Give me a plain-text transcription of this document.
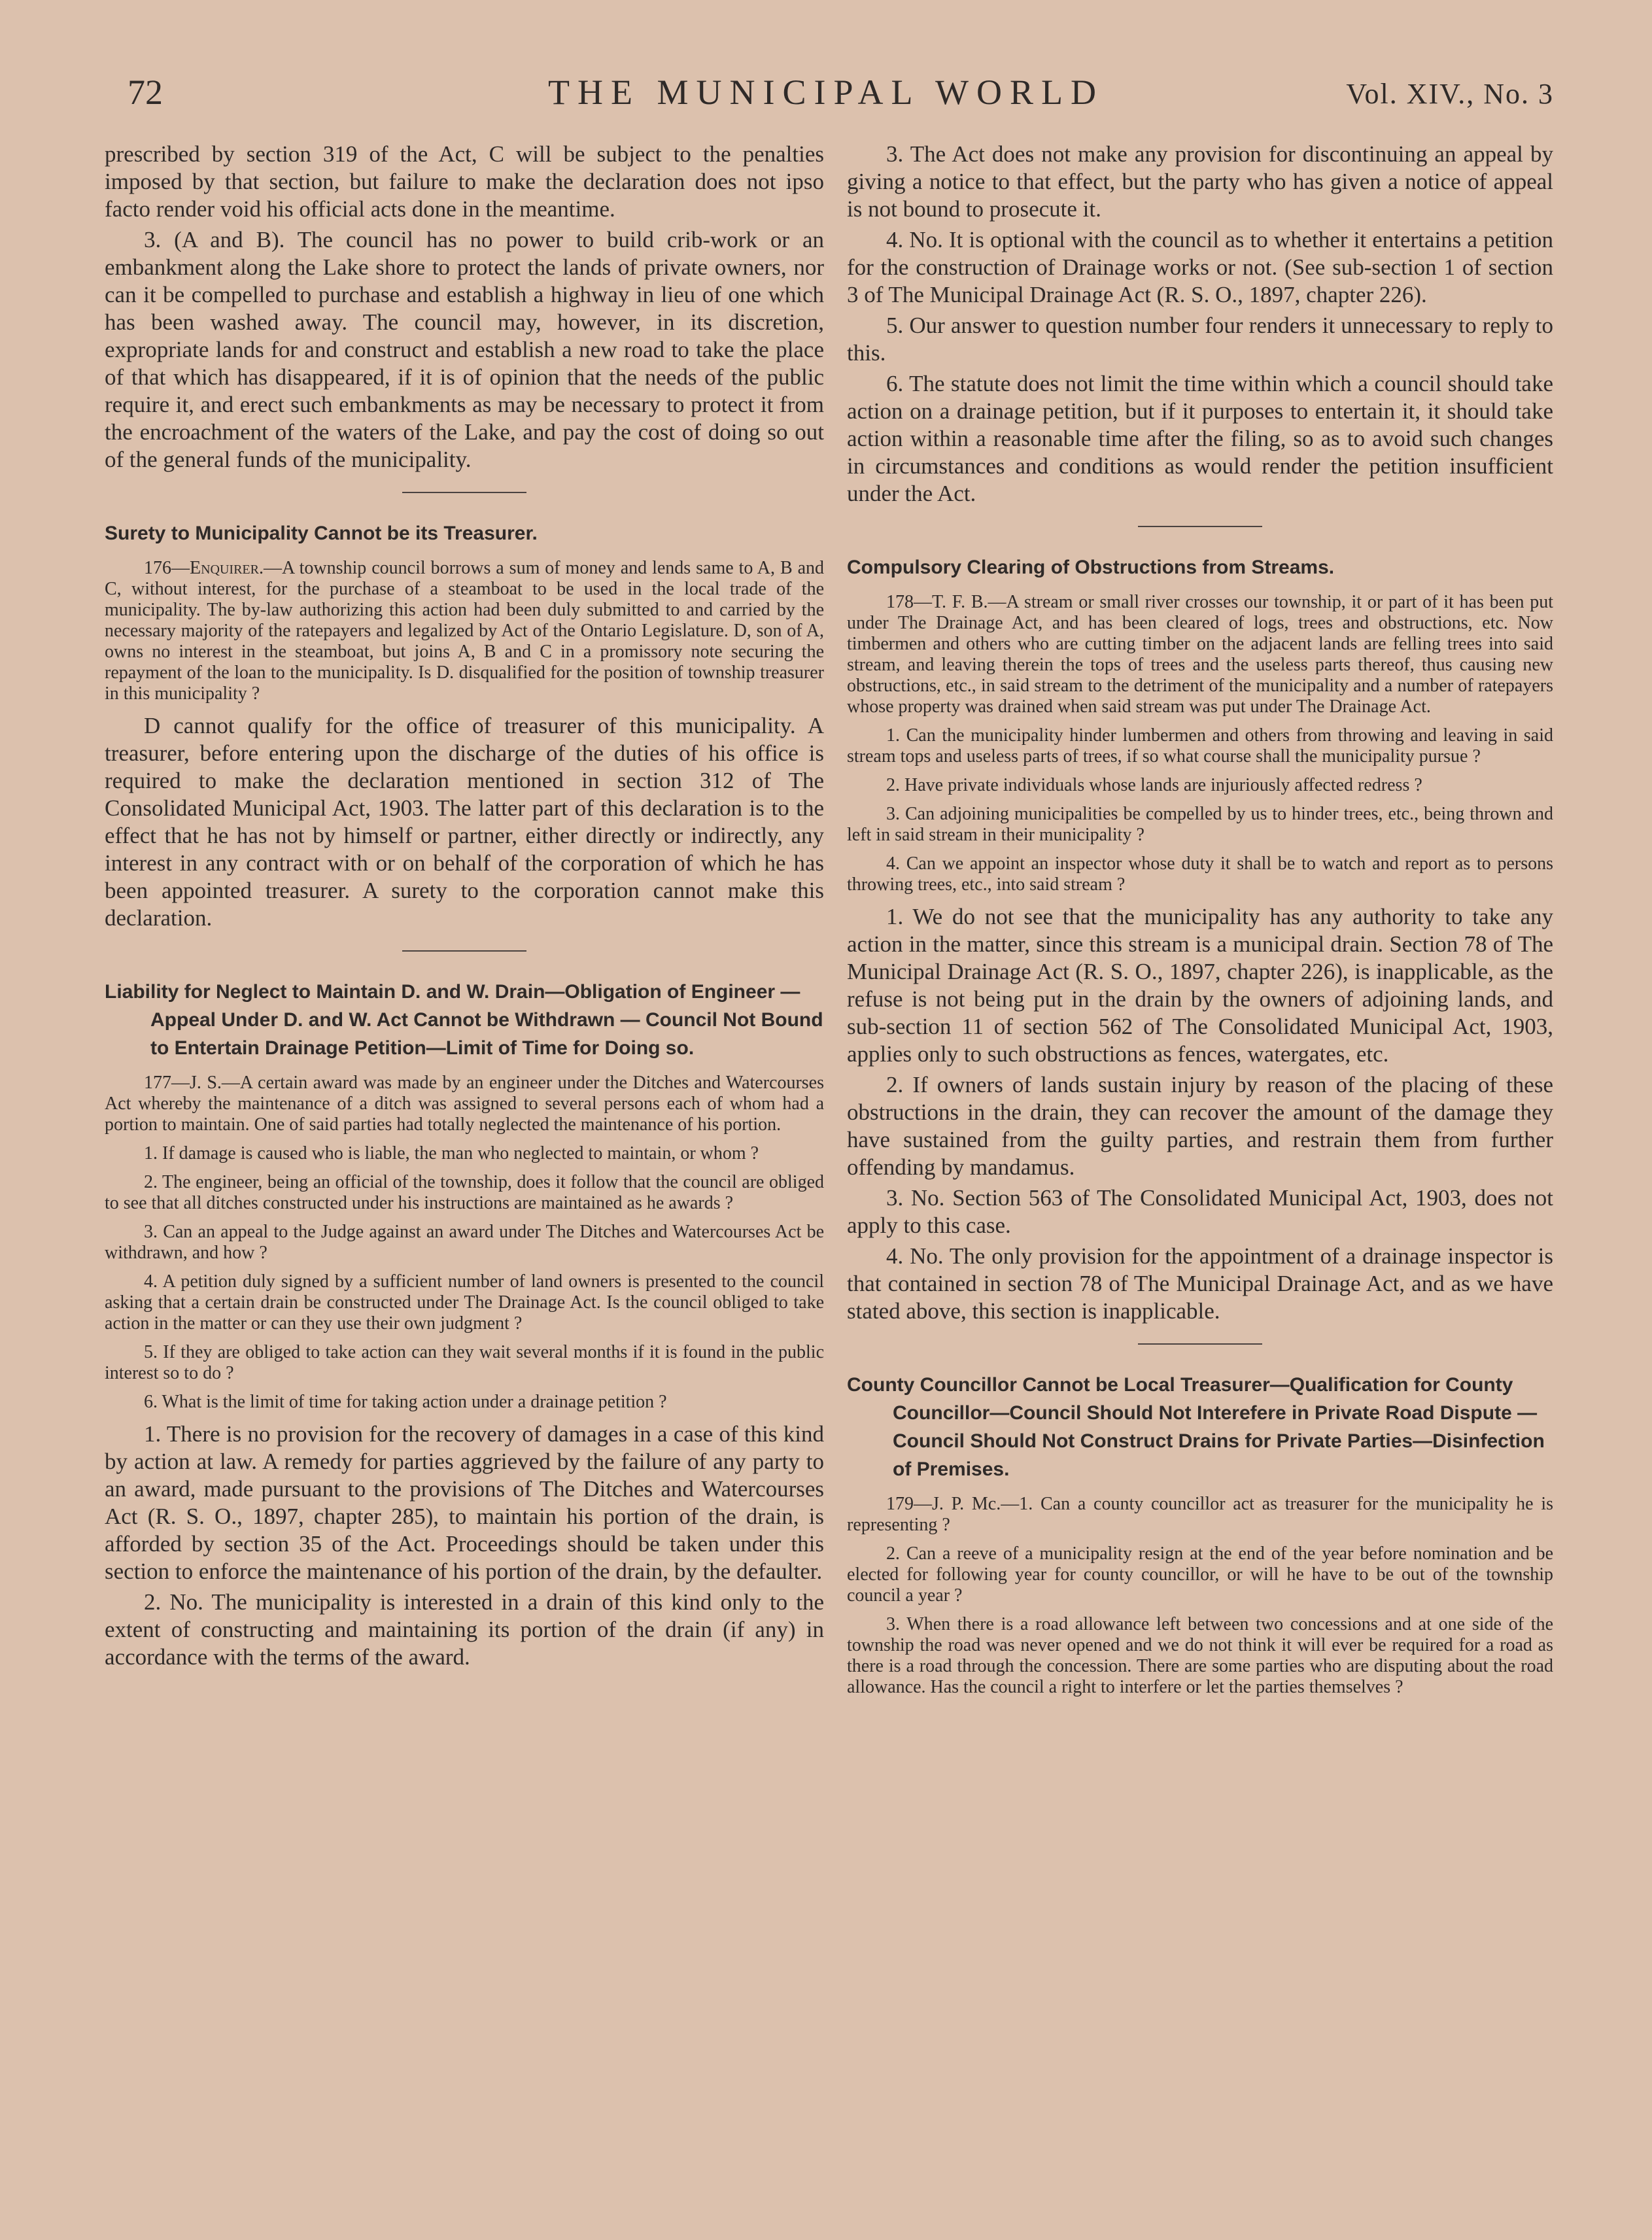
72	THE MUNICIPAL WORLD	Vol. XIV., No. 3

prescribed by section 319 of the Act, C will be subject to the penalties imposed by that section, but failure to make the declaration does not ipso facto render void his official acts done in the meantime.

3. (A and B). The council has no power to build crib-work or an embankment along the Lake shore to protect the lands of private owners, nor can it be compelled to purchase and establish a highway in lieu of one which has been washed away. The council may, however, in its discretion, expropriate lands for and construct and establish a new road to take the place of that which has disappeared, if it is of opinion that the needs of the public require it, and erect such embankments as may be necessary to protect it from the encroachment of the waters of the Lake, and pay the cost of doing so out of the general funds of the municipality.

Surety to Municipality Cannot be its Treasurer.

176—Enquirer.—A township council borrows a sum of money and lends same to A, B and C, without interest, for the purchase of a steamboat to be used in the local trade of the municipality. The by-law authorizing this action had been duly submitted to and carried by the necessary majority of the ratepayers and legalized by Act of the Ontario Legislature. D, son of A, owns no interest in the steamboat, but joins A, B and C in a promissory note securing the repayment of the loan to the municipality. Is D. disqualified for the position of township treasurer in this municipality ?

D cannot qualify for the office of treasurer of this municipality. A treasurer, before entering upon the discharge of the duties of his office is required to make the declaration mentioned in section 312 of The Consolidated Municipal Act, 1903. The latter part of this declaration is to the effect that he has not by himself or partner, either directly or indirectly, any interest in any contract with or on behalf of the corporation of which he has been appointed treasurer. A surety to the corporation cannot make this declaration.

Liability for Neglect to Maintain D. and W. Drain—Obligation of Engineer — Appeal Under D. and W. Act Cannot be Withdrawn — Council Not Bound to Entertain Drainage Petition—Limit of Time for Doing so.

177—J. S.—A certain award was made by an engineer under the Ditches and Watercourses Act whereby the maintenance of a ditch was assigned to several persons each of whom had a portion to maintain. One of said parties had totally neglected the maintenance of his portion.

1. If damage is caused who is liable, the man who neglected to maintain, or whom ?

2. The engineer, being an official of the township, does it follow that the council are obliged to see that all ditches constructed under his instructions are maintained as he awards ?

3. Can an appeal to the Judge against an award under The Ditches and Watercourses Act be withdrawn, and how ?

4. A petition duly signed by a sufficient number of land owners is presented to the council asking that a certain drain be constructed under The Drainage Act. Is the council obliged to take action in the matter or can they use their own judgment ?

5. If they are obliged to take action can they wait several months if it is found in the public interest so to do ?

6. What is the limit of time for taking action under a drainage petition ?

1. There is no provision for the recovery of damages in a case of this kind by action at law. A remedy for parties aggrieved by the failure of any party to an award, made pursuant to the provisions of The Ditches and Watercourses Act (R. S. O., 1897, chapter 285), to maintain his portion of the drain, is afforded by section 35 of the Act. Proceedings should be taken under this section to enforce the maintenance of his portion of the drain, by the defaulter.

2. No. The municipality is interested in a drain of this kind only to the extent of constructing and maintaining its portion of the drain (if any) in accordance with the terms of the award.

3. The Act does not make any provision for discontinuing an appeal by giving a notice to that effect, but the party who has given a notice of appeal is not bound to prosecute it.

4. No. It is optional with the council as to whether it entertains a petition for the construction of Drainage works or not. (See sub-section 1 of section 3 of The Municipal Drainage Act (R. S. O., 1897, chapter 226).

5. Our answer to question number four renders it unnecessary to reply to this.

6. The statute does not limit the time within which a council should take action on a drainage petition, but if it purposes to entertain it, it should take action within a reasonable time after the filing, so as to avoid such changes in circumstances and conditions as would render the petition insufficient under the Act.

Compulsory Clearing of Obstructions from Streams.

178—T. F. B.—A stream or small river crosses our township, it or part of it has been put under The Drainage Act, and has been cleared of logs, trees and obstructions, etc. Now timbermen and others who are cutting timber on the adjacent lands are felling trees into said stream, and leaving therein the tops of trees and the useless parts thereof, thus causing new obstructions, etc., in said stream to the detriment of the municipality and a number of ratepayers whose property was drained when said stream was put under The Drainage Act.

1. Can the municipality hinder lumbermen and others from throwing and leaving in said stream tops and useless parts of trees, if so what course shall the municipality pursue ?

2. Have private individuals whose lands are injuriously affected redress ?

3. Can adjoining municipalities be compelled by us to hinder trees, etc., being thrown and left in said stream in their municipality ?

4. Can we appoint an inspector whose duty it shall be to watch and report as to persons throwing trees, etc., into said stream ?

1. We do not see that the municipality has any authority to take any action in the matter, since this stream is a municipal drain. Section 78 of The Municipal Drainage Act (R. S. O., 1897, chapter 226), is inapplicable, as the refuse is not being put in the drain by the owners of adjoining lands, and sub-section 11 of section 562 of The Consolidated Municipal Act, 1903, applies only to such obstructions as fences, watergates, etc.

2. If owners of lands sustain injury by reason of the placing of these obstructions in the drain, they can recover the amount of the damage they have sustained from the guilty parties, and restrain them from further offending by mandamus.

3. No. Section 563 of The Consolidated Municipal Act, 1903, does not apply to this case.

4. No. The only provision for the appointment of a drainage inspector is that contained in section 78 of The Municipal Drainage Act, and as we have stated above, this section is inapplicable.

County Councillor Cannot be Local Treasurer—Qualification for County Councillor—Council Should Not Interefere in Private Road Dispute — Council Should Not Construct Drains for Private Parties—Disinfection of Premises.

179—J. P. Mc.—1. Can a county councillor act as treasurer for the municipality he is representing ?

2. Can a reeve of a municipality resign at the end of the year before nomination and be elected for following year for county councillor, or will he have to be out of the township council a year ?

3. When there is a road allowance left between two concessions and at one side of the township the road was never opened and we do not think it will ever be required for a road as there is a road through the concession. There are some parties who are disputing about the road allowance. Has the council a right to interfere or let the parties themselves ?
